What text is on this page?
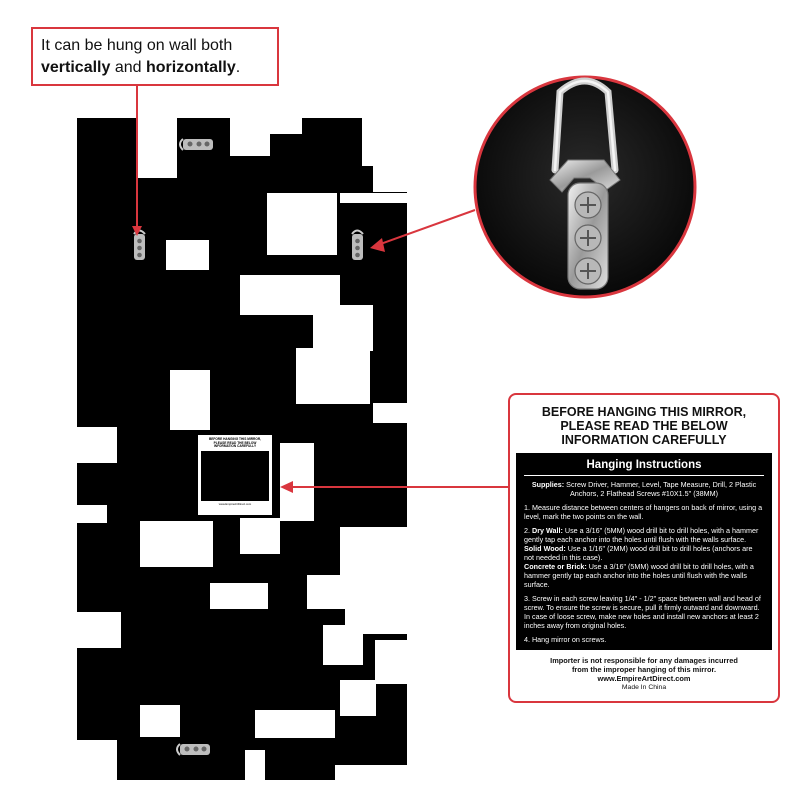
BEFORE HANGING THIS MIRROR,
PLEASE READ THE BELOW
INFORMATION CAREFULLY
www.EmpireArtDirect.com
It can be hung on wall both
vertically and horizontally.
BEFORE HANGING THIS MIRROR,
PLEASE READ THE BELOW
INFORMATION CAREFULLY
Hanging Instructions
Supplies: Screw Driver, Hammer, Level, Tape Measure, Drill, 2 Plastic Anchors, 2 Flathead Screws #10X1.5" (38MM)

1. Measure distance between centers of hangers on back of mirror, using a level, mark the two points on the wall.

2. Dry Wall: Use a 3/16" (5MM) wood drill bit to drill holes, with a hammer gently tap each anchor into the holes until flush with the walls surface.
Solid Wood: Use a 1/16" (2MM) wood drill bit to drill holes (anchors are not needed in this case).
Concrete or Brick: Use a 3/16" (5MM) wood drill bit to drill holes, with a hammer gently tap each anchor into the holes until flush with the walls surface.

3. Screw in each screw leaving 1/4" - 1/2" space between wall and head of screw. To ensure the screw is secure, pull it firmly outward and downward. In case of loose screw, make new holes and install new anchors at least 2 inches away from original holes.

4. Hang mirror on screws.

Importer is not responsible for any damages incurred
from the improper hanging of this mirror.
www.EmpireArtDirect.com
Made In China
